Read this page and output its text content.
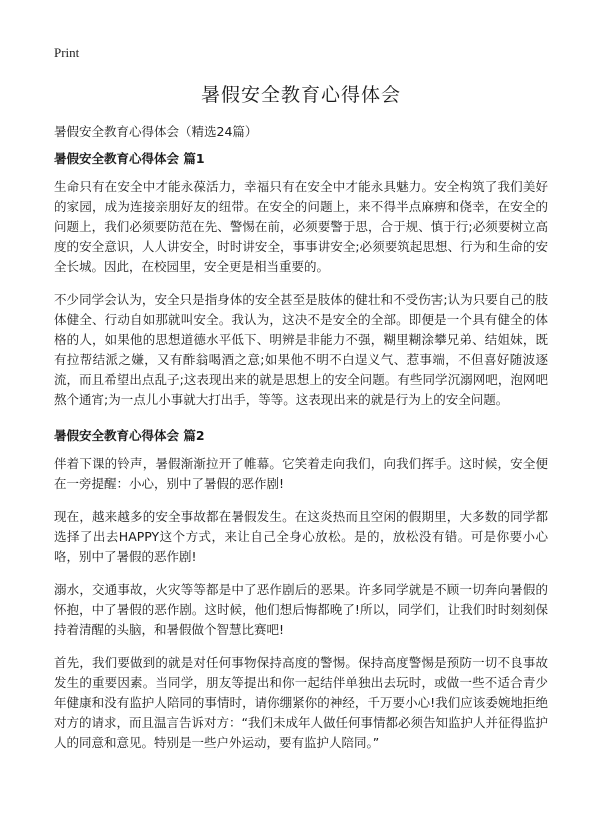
Print
暑假安全教育心得体会
暑假安全教育心得体会（精选24篇）
暑假安全教育心得体会 篇1

生命只有在安全中才能永葆活力，幸福只有在安全中才能永具魅力。安全构筑了我们美好的家园，成为连接亲朋好友的纽带。在安全的问题上，来不得半点麻痹和侥幸，在安全的问题上，我们必须要防范在先、警惕在前，必须要警于思，合于规、慎于行;必须要树立高度的安全意识，人人讲安全，时时讲安全，事事讲安全;必须要筑起思想、行为和生命的安全长城。因此，在校园里，安全更是相当重要的。

不少同学会认为，安全只是指身体的安全甚至是肢体的健壮和不受伤害;认为只要自己的肢体健全、行动自如那就叫安全。我认为，这决不是安全的全部。即便是一个具有健全的体格的人，如果他的思想道德水平低下、明辨是非能力不强，糊里糊涂攀兄弟、结姐妹，既有拉帮结派之嫌，又有酢翁喝酒之意;如果他不明不白逞义气、惹事端，不但喜好随波逐流，而且希望出点乱子;这表现出来的就是思想上的安全问题。有些同学沉溺网吧，泡网吧熬个通宵;为一点儿小事就大打出手，等等。这表现出来的就是行为上的安全问题。

暑假安全教育心得体会 篇2

伴着下课的铃声，暑假渐渐拉开了帷幕。它笑着走向我们，向我们挥手。这时候，安全便在一旁提醒：小心，别中了暑假的恶作剧!

现在，越来越多的安全事故都在暑假发生。在这炎热而且空闲的假期里，大多数的同学都选择了出去HAPPY这个方式，来让自己全身心放松。是的，放松没有错。可是你要小心咯，别中了暑假的恶作剧!

溺水，交通事故，火灾等等都是中了恶作剧后的恶果。许多同学就是不顾一切奔向暑假的怀抱，中了暑假的恶作剧。这时候，他们想后悔都晚了!所以，同学们，让我们时时刻刻保持着清醒的头脑，和暑假做个智慧比赛吧!

首先，我们要做到的就是对任何事物保持高度的警惕。保持高度警惕是预防一切不良事故发生的重要因素。当同学，朋友等提出和你一起结伴单独出去玩时，或做一些不适合青少年健康和没有监护人陪同的事情时，请你绷紧你的神经，千万要小心!我们应该委婉地拒绝对方的请求，而且温言告诉对方：“我们未成年人做任何事情都必须告知监护人并征得监护人的同意和意见。特别是一些户外运动，要有监护人陪同。”
